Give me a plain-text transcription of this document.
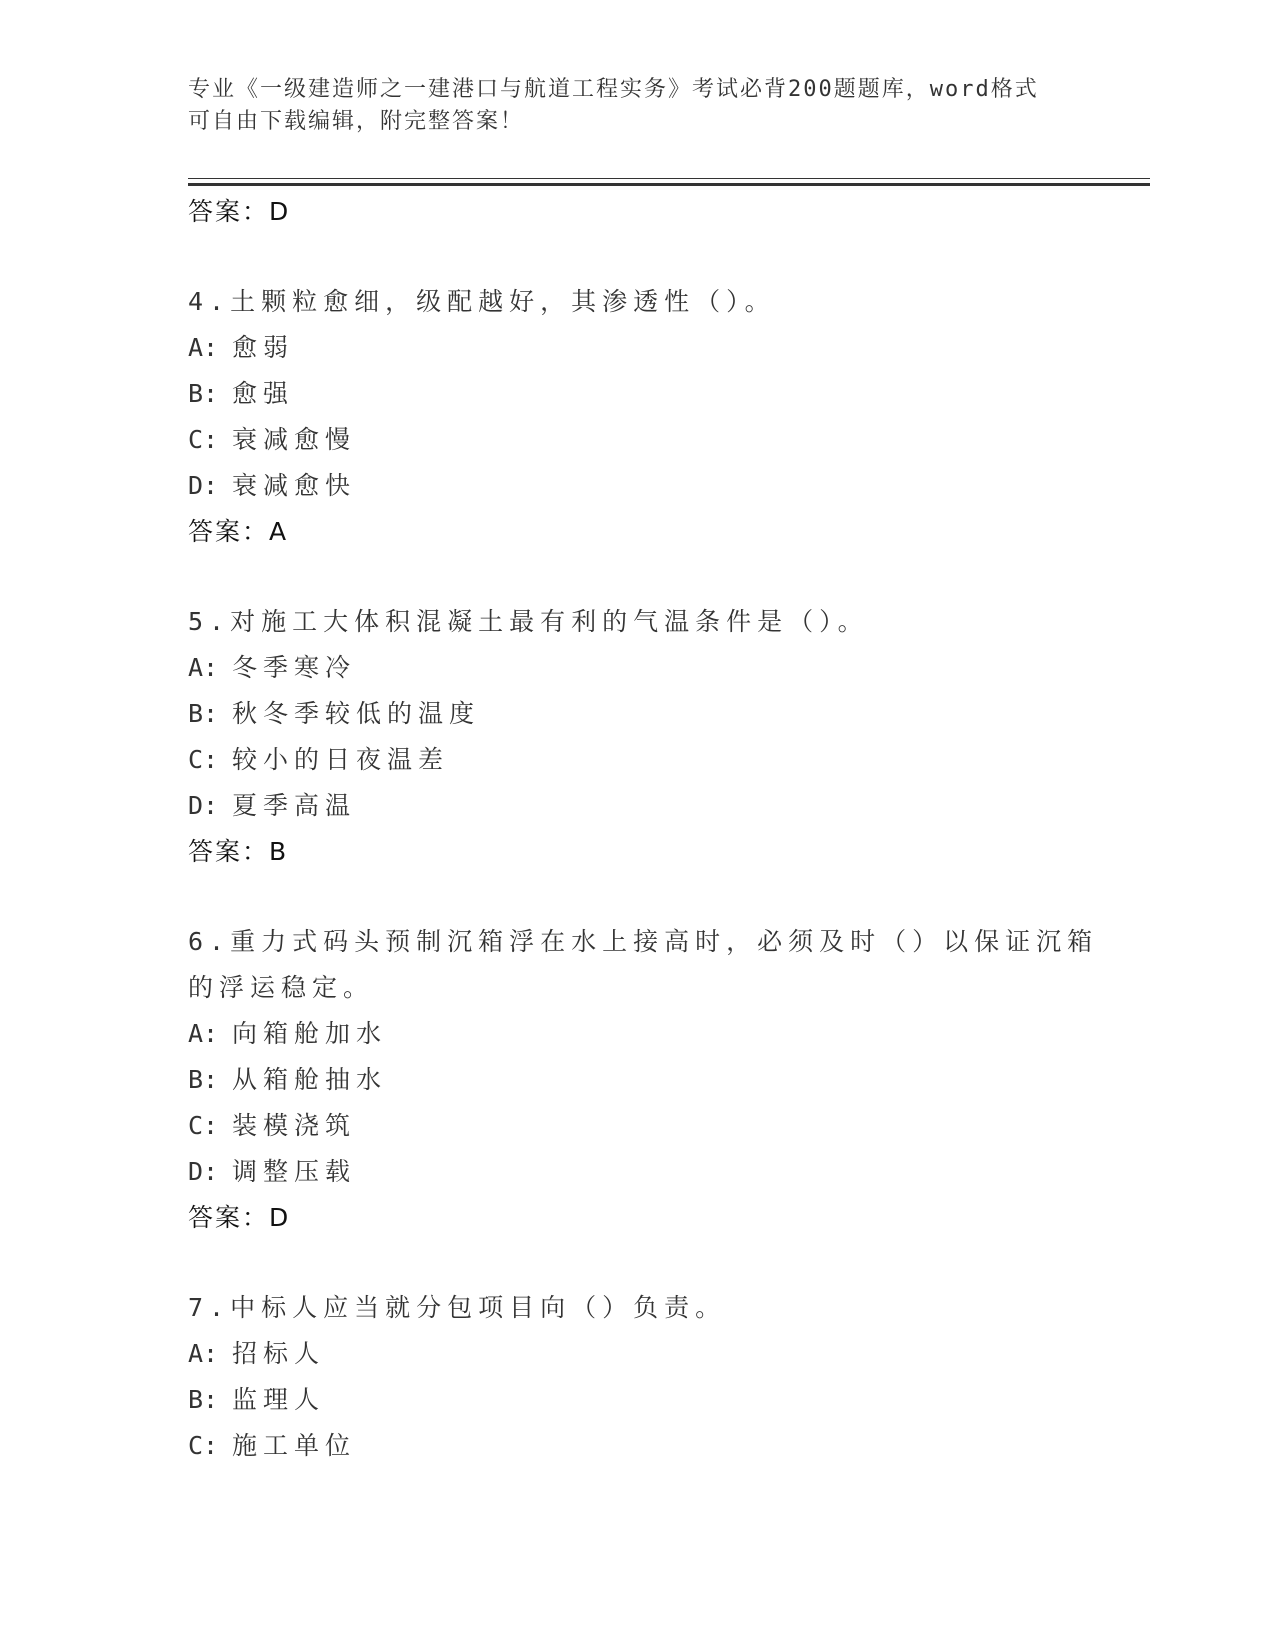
专业《一级建造师之一建港口与航道工程实务》考试必背200题题库，word格式
可自由下载编辑，附完整答案！
答案：D
4.土颗粒愈细，级配越好，其渗透性（）。
A: 愈弱
B: 愈强
C: 衰减愈慢
D: 衰减愈快
答案：A
5.对施工大体积混凝土最有利的气温条件是（）。
A: 冬季寒冷
B: 秋冬季较低的温度
C: 较小的日夜温差
D: 夏季高温
答案：B
6.重力式码头预制沉箱浮在水上接高时，必须及时（）以保证沉箱的浮运稳定。
A: 向箱舱加水
B: 从箱舱抽水
C: 装模浇筑
D: 调整压载
答案：D
7.中标人应当就分包项目向（）负责。
A: 招标人
B: 监理人
C: 施工单位
